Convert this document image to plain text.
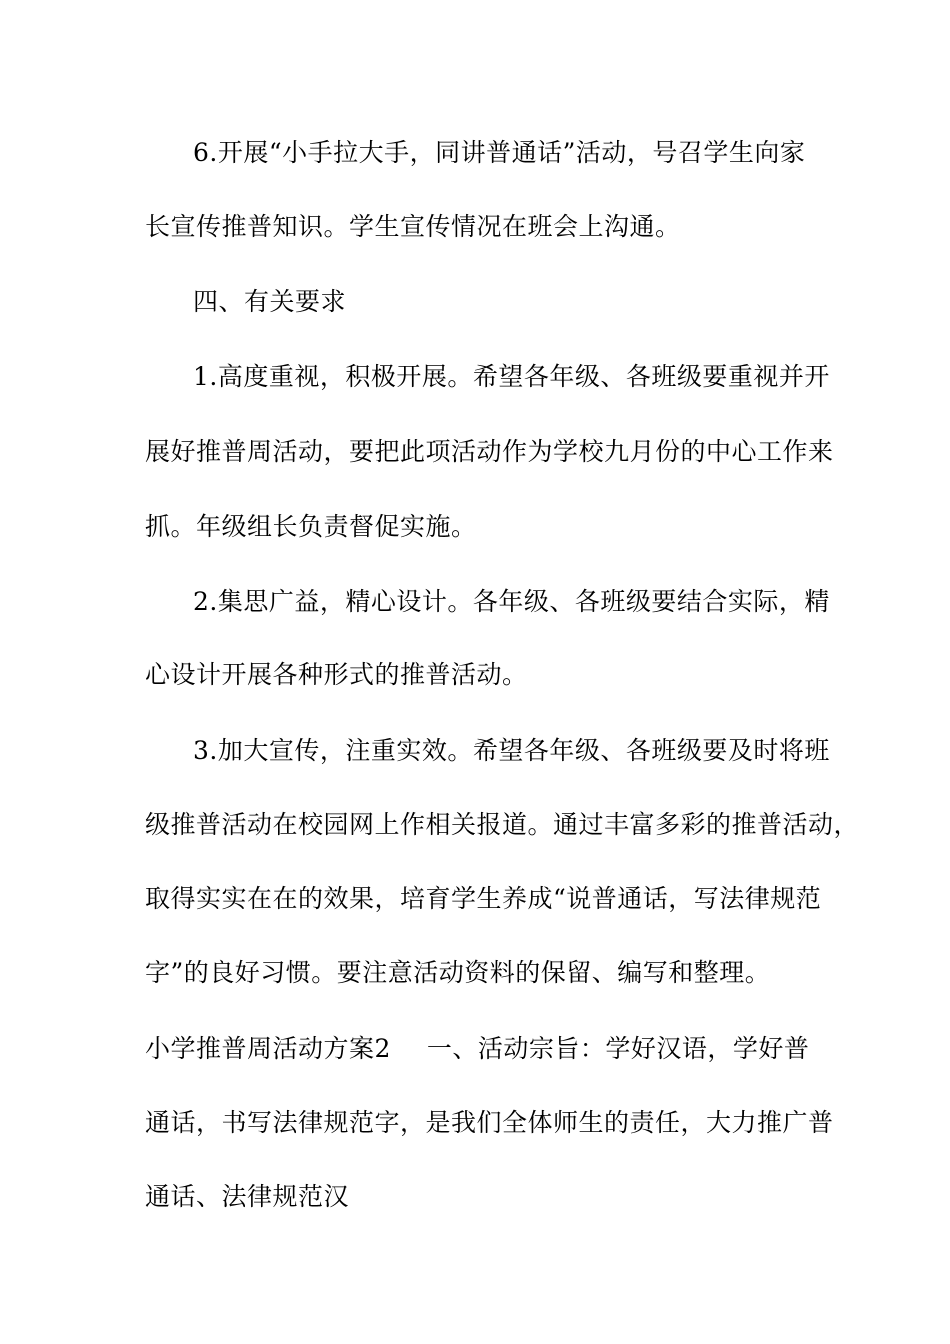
6.开展“小手拉大手，同讲普通话”活动，号召学生向家
长宣传推普知识。学生宣传情况在班会上沟通。
四、有关要求
1.高度重视，积极开展。希望各年级、各班级要重视并开
展好推普周活动，要把此项活动作为学校九月份的中心工作来
抓。年级组长负责督促实施。
2.集思广益，精心设计。各年级、各班级要结合实际，精
心设计开展各种形式的推普活动。
3.加大宣传，注重实效。希望各年级、各班级要及时将班
级推普活动在校园网上作相关报道。通过丰富多彩的推普活动，
取得实实在在的效果，培育学生养成“说普通话，写法律规范
字”的良好习惯。要注意活动资料的保留、编写和整理。
小学推普周活动方案2 一、活动宗旨：学好汉语，学好普
通话，书写法律规范字，是我们全体师生的责任，大力推广普
通话、法律规范汉
